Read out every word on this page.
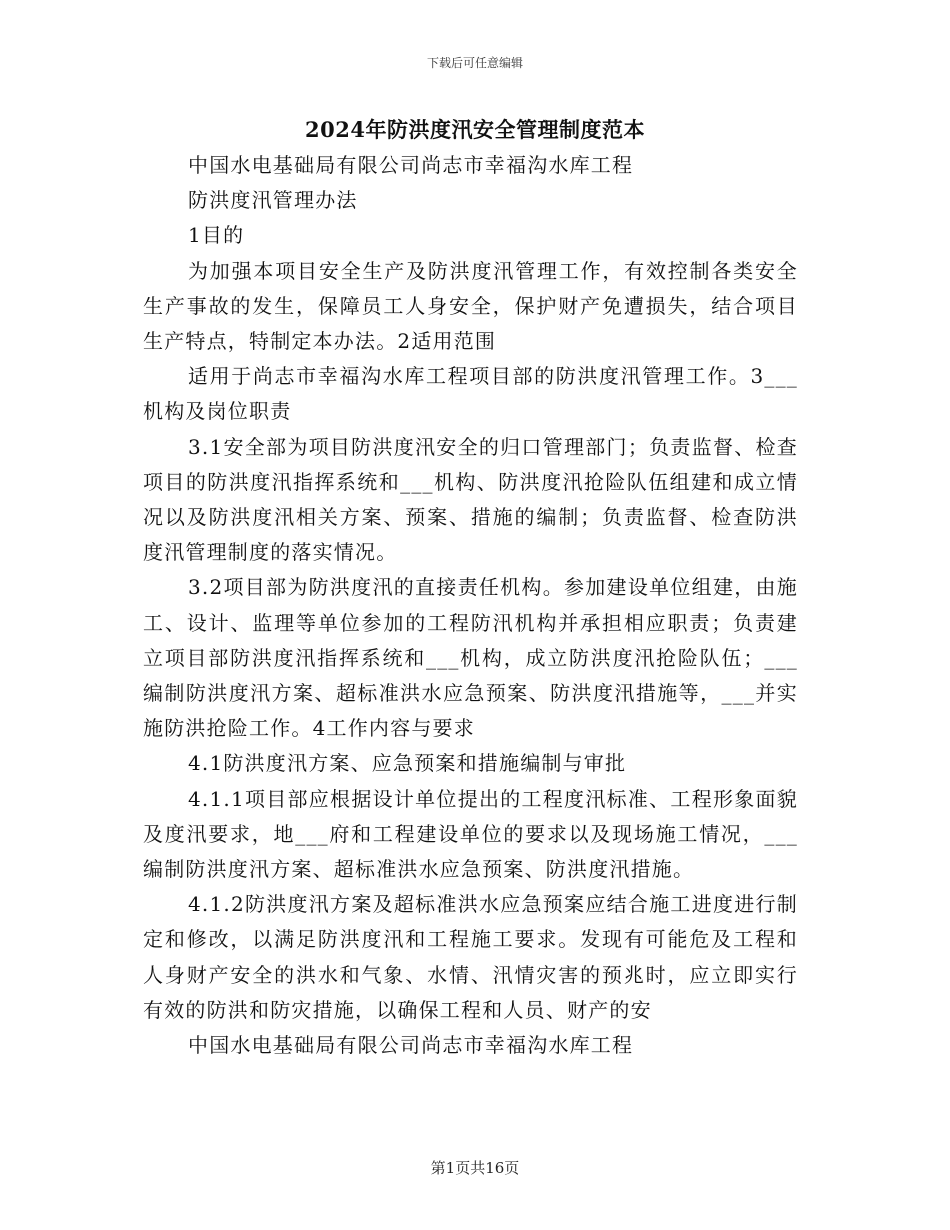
下载后可任意编辑
2024年防洪度汛安全管理制度范本

中国水电基础局有限公司尚志市幸福沟水库工程

防洪度汛管理办法

1目的

为加强本项目安全生产及防洪度汛管理工作，有效控制各类安全生产事故的发生，保障员工人身安全，保护财产免遭损失，结合项目生产特点，特制定本办法。2适用范围

适用于尚志市幸福沟水库工程项目部的防洪度汛管理工作。3___机构及岗位职责

3.1安全部为项目防洪度汛安全的归口管理部门；负责监督、检查项目的防洪度汛指挥系统和___机构、防洪度汛抢险队伍组建和成立情况以及防洪度汛相关方案、预案、措施的编制；负责监督、检查防洪度汛管理制度的落实情况。

3.2项目部为防洪度汛的直接责任机构。参加建设单位组建，由施工、设计、监理等单位参加的工程防汛机构并承担相应职责；负责建立项目部防洪度汛指挥系统和___机构，成立防洪度汛抢险队伍；___编制防洪度汛方案、超标准洪水应急预案、防洪度汛措施等，___并实施防洪抢险工作。4工作内容与要求

4.1防洪度汛方案、应急预案和措施编制与审批

4.1.1项目部应根据设计单位提出的工程度汛标准、工程形象面貌及度汛要求，地___府和工程建设单位的要求以及现场施工情况，___编制防洪度汛方案、超标准洪水应急预案、防洪度汛措施。

4.1.2防洪度汛方案及超标准洪水应急预案应结合施工进度进行制定和修改，以满足防洪度汛和工程施工要求。发现有可能危及工程和人身财产安全的洪水和气象、水情、汛情灾害的预兆时，应立即实行有效的防洪和防灾措施，以确保工程和人员、财产的安

中国水电基础局有限公司尚志市幸福沟水库工程

第1页共16页
